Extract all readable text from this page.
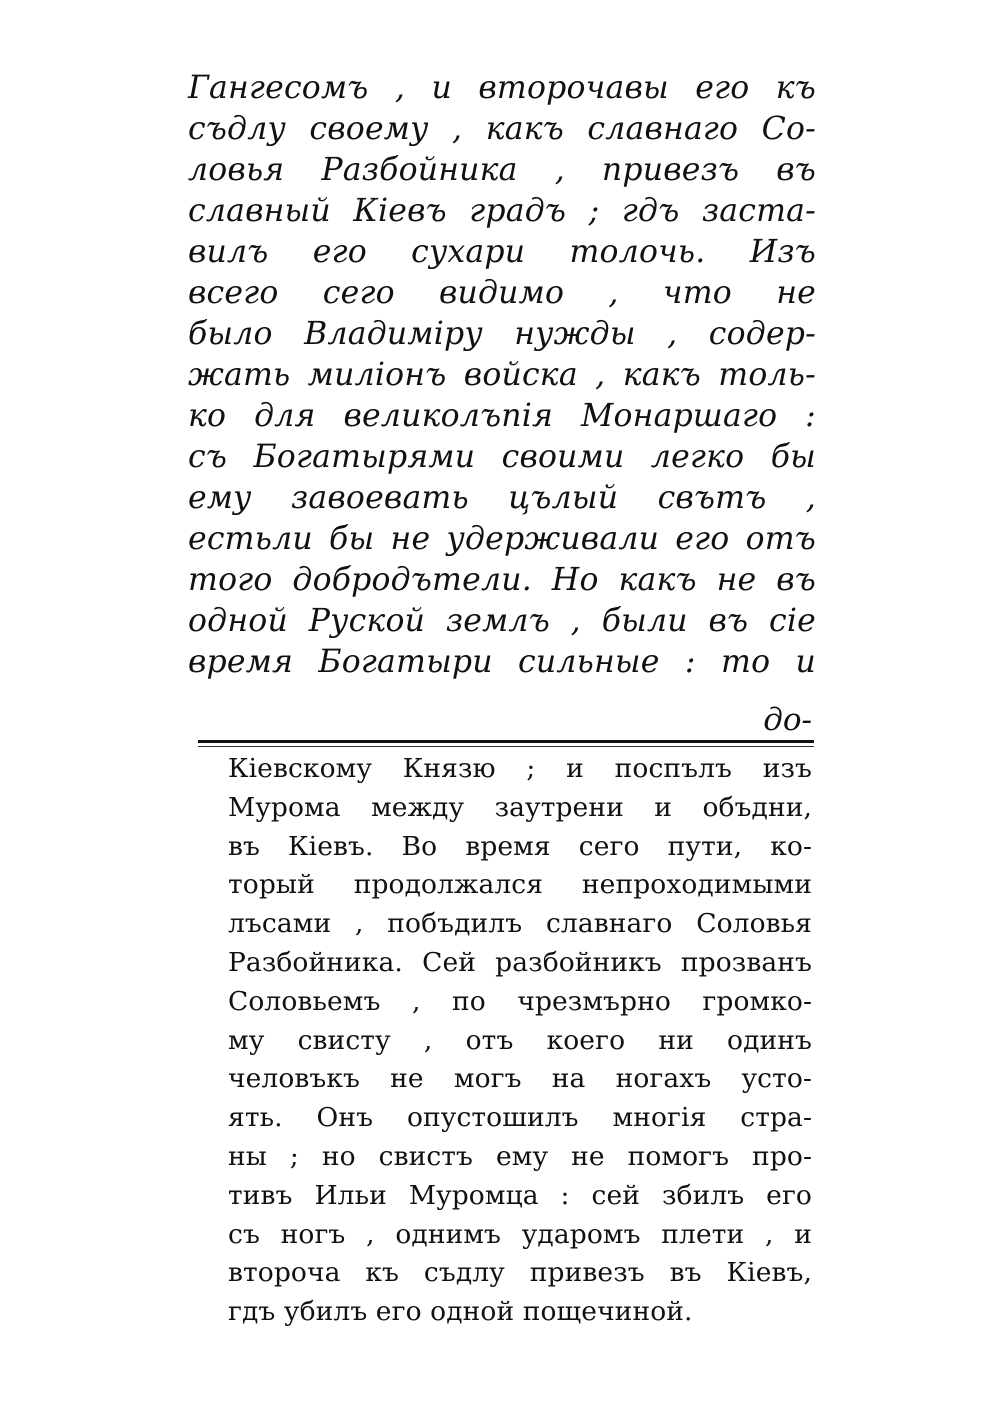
Гангесомъ , и второчавы его къ
съдлу своему , какъ славнаго Со-
ловья Разбойника , привезъ въ
славный Кiевъ градъ ; гдъ заста-
вилъ его сухари толочь. Изъ
всего сего видимо , что не
было Владимiру нужды , содер-
жать милiонъ войска , какъ толь-
ко для великолъпiя Монаршаго :
съ Богатырями своими легко бы
ему завоевать цълый свътъ ,
естьли бы не удерживали его отъ
того добродътели. Но какъ не въ
одной Руской землъ , были въ сiе
время Богатыри сильные : то и
до-
Кiевскому Князю ; и поспълъ изъ
Мурома между заутрени и объдни,
въ Кiевъ. Во время сего пути, ко-
торый продолжался непроходимыми
лъсами , побъдилъ славнаго Соловья
Разбойника. Сей разбойникъ прозванъ
Соловьемъ , по чрезмърно громко-
му свисту , отъ коего ни одинъ
человъкъ не могъ на ногахъ усто-
ять. Онъ опустошилъ многiя стра-
ны ; но свистъ ему не помогъ про-
тивъ Ильи Муромца : сей збилъ его
съ ногъ , однимъ ударомъ плети , и
второчa къ съдлу привезъ въ Кiевъ,
гдъ убилъ его одной пощечиной.
